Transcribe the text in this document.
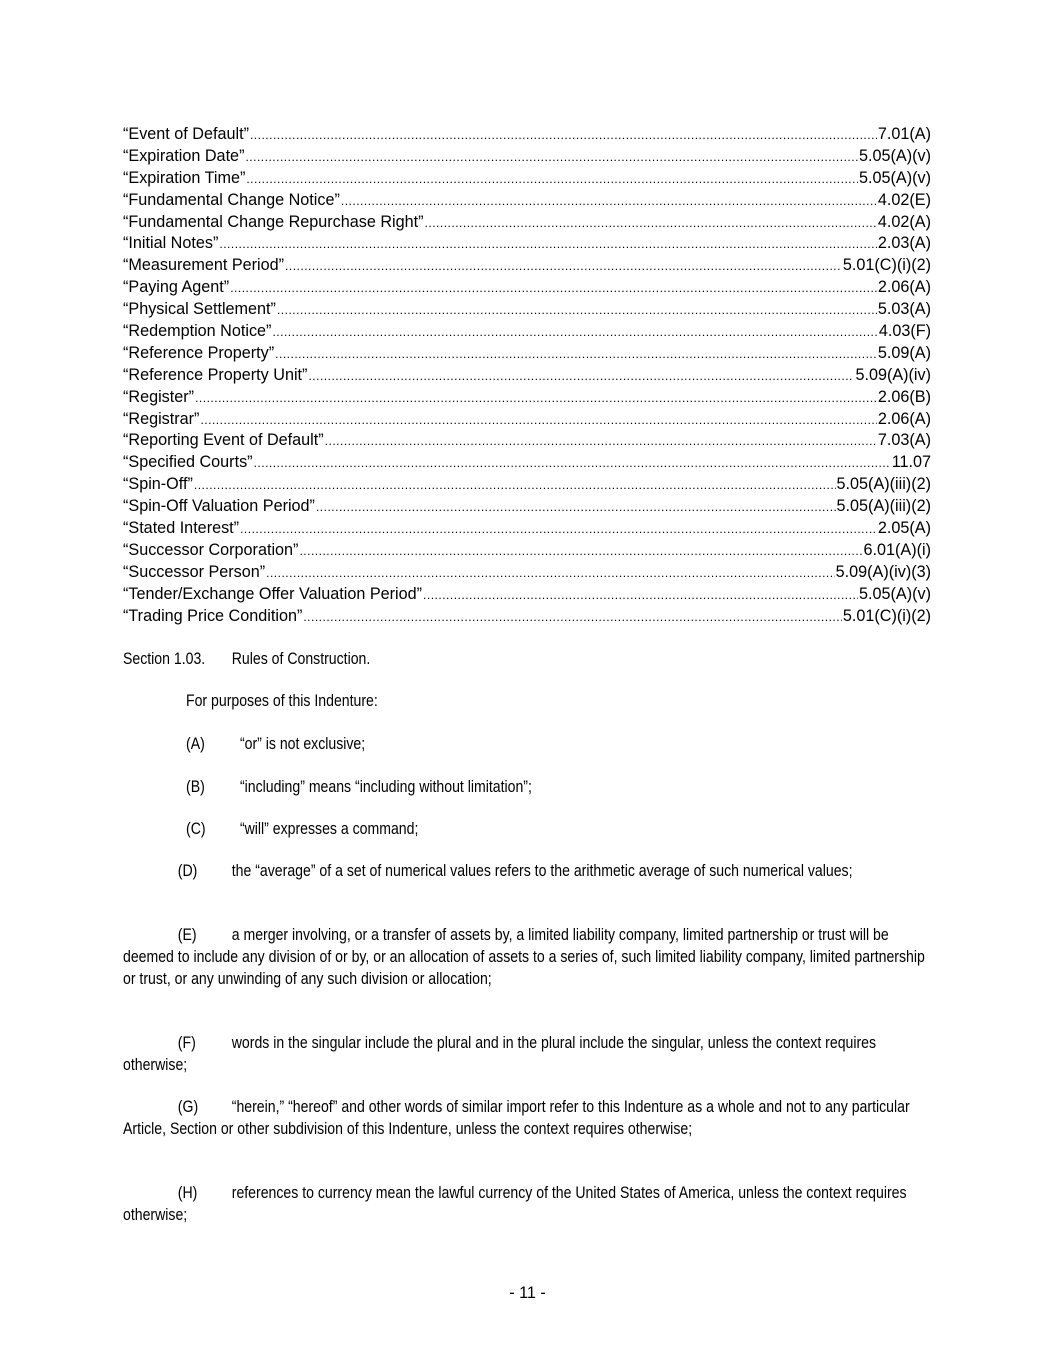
“Event of Default” .....	7.01(A)
“Expiration Date” .....	5.05(A)(v)
“Expiration Time” .....	5.05(A)(v)
“Fundamental Change Notice” .....	4.02(E)
“Fundamental Change Repurchase Right” .....	4.02(A)
“Initial Notes” .....	2.03(A)
“Measurement Period” .....	5.01(C)(i)(2)
“Paying Agent” .....	2.06(A)
“Physical Settlement” .....	5.03(A)
“Redemption Notice” .....	4.03(F)
“Reference Property” .....	5.09(A)
“Reference Property Unit” .....	5.09(A)(iv)
“Register” .....	2.06(B)
“Registrar” .....	2.06(A)
“Reporting Event of Default” .....	7.03(A)
“Specified Courts” .....	11.07
“Spin-Off” .....	5.05(A)(iii)(2)
“Spin-Off Valuation Period” .....	5.05(A)(iii)(2)
“Stated Interest” .....	2.05(A)
“Successor Corporation” .....	6.01(A)(i)
“Successor Person” .....	5.09(A)(iv)(3)
“Tender/Exchange Offer Valuation Period” .....	5.05(A)(v)
“Trading Price Condition” .....	5.01(C)(i)(2)
Section 1.03. Rules of Construction.
For purposes of this Indenture:
(A) “or” is not exclusive;
(B) “including” means “including without limitation”;
(C) “will” expresses a command;
(D) the “average” of a set of numerical values refers to the arithmetic average of such numerical values;
(E) a merger involving, or a transfer of assets by, a limited liability company, limited partnership or trust will be deemed to include any division of or by, or an allocation of assets to a series of, such limited liability company, limited partnership or trust, or any unwinding of any such division or allocation;
(F) words in the singular include the plural and in the plural include the singular, unless the context requires otherwise;
(G) “herein,” “hereof” and other words of similar import refer to this Indenture as a whole and not to any particular Article, Section or other subdivision of this Indenture, unless the context requires otherwise;
(H) references to currency mean the lawful currency of the United States of America, unless the context requires otherwise;
- 11 -
